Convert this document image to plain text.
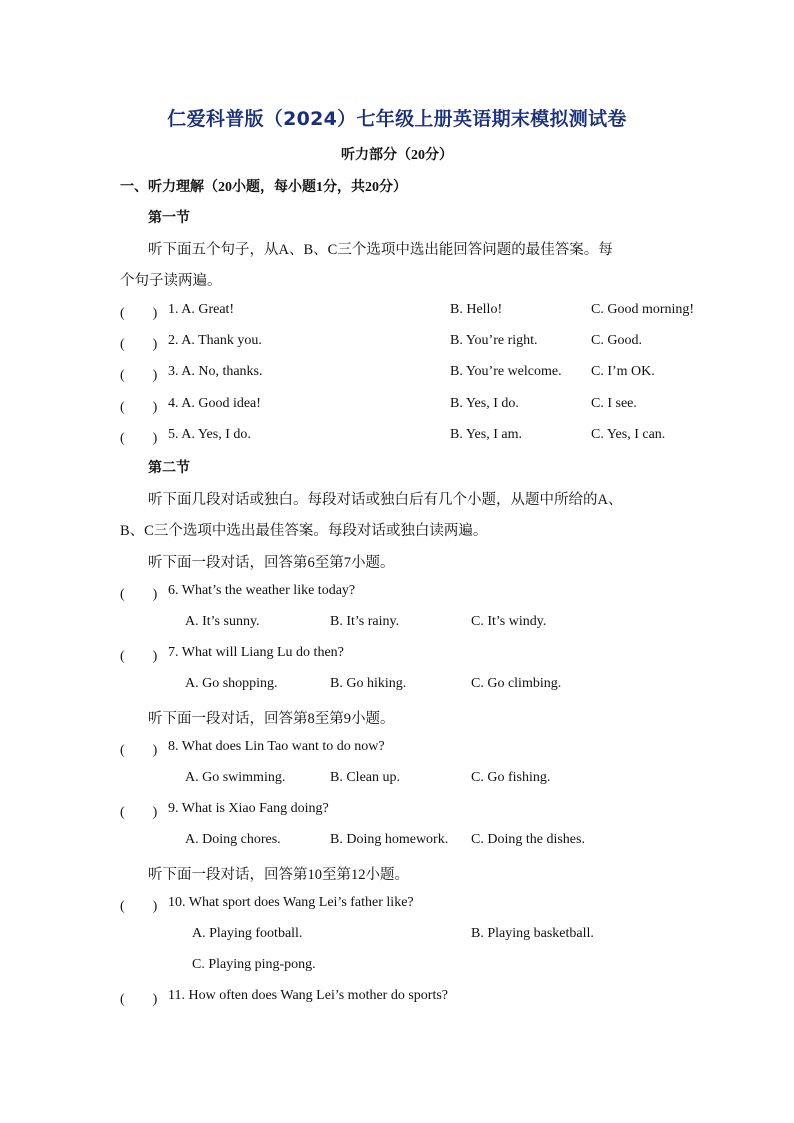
仁爱科普版（2024）七年级上册英语期末模拟测试卷
听力部分（20分）
一、听力理解（20小题，每小题1分，共20分）
第一节
听下面五个句子，从A、B、C三个选项中选出能回答问题的最佳答案。每
个句子读两遍。
(　　) 1. A. Great!	B. Hello!	C. Good morning!
(　　) 2. A. Thank you.	B. You’re right.	C. Good.
(　　) 3. A. No, thanks.	B. You’re welcome. C. I’m OK.
(　　) 4. A. Good idea!	B. Yes, I do.	C. I see.
(　　) 5. A. Yes, I do.	B. Yes, I am.	C. Yes, I can.
第二节
听下面几段对话或独白。每段对话或独白后有几个小题，从题中所给的A、
B、C三个选项中选出最佳答案。每段对话或独白读两遍。
听下面一段对话，回答第6至第7小题。
(　　) 6. What’s the weather like today?
A. It’s sunny.	B. It’s rainy.	C. It’s windy.
(　　) 7. What will Liang Lu do then?
A. Go shopping.	B. Go hiking.	C. Go climbing.
听下面一段对话，回答第8至第9小题。
(　　) 8. What does Lin Tao want to do now?
A. Go swimming.	B. Clean up.	C. Go fishing.
(　　) 9. What is Xiao Fang doing?
A. Doing chores.	B. Doing homework. C. Doing the dishes.
听下面一段对话，回答第10至第12小题。
(　　) 10. What sport does Wang Lei’s father like?
A. Playing football.	B. Playing basketball.
C. Playing ping-pong.
(　　) 11. How often does Wang Lei’s mother do sports?
